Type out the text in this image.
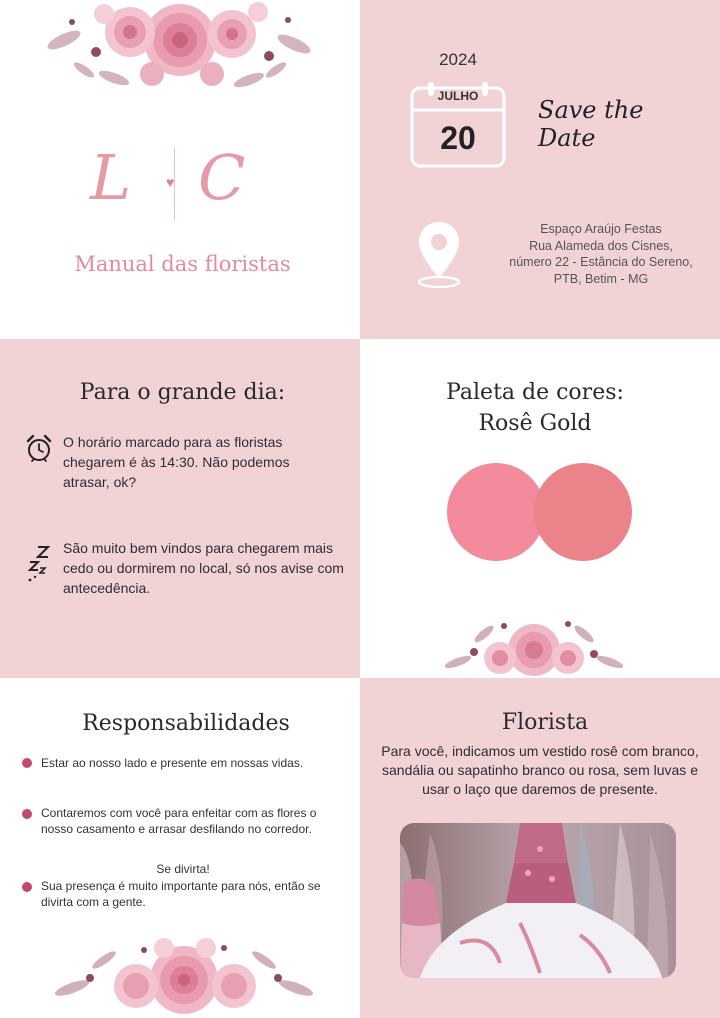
L ♥ C
Manual das floristas
2024
JULHO
20
Save the Date
Espaço Araújo Festas
Rua Alameda dos Cisnes,
número 22 - Estância do Sereno,
PTB, Betim - MG
Para o grande dia:
O horário marcado para as floristas chegarem é às 14:30. Não podemos atrasar, ok?
São muito bem vindos para chegarem mais cedo ou dormirem no local, só nos avise com antecedência.
Paleta de cores:
Rosê Gold
Responsabilidades
Estar ao nosso lado e presente em nossas vidas.
Contaremos com você para enfeitar com as flores o nosso casamento e arrasar desfilando no corredor.
Se divirta!
Sua presença é muito importante para nós, então se divirta com a gente.
Florista
Para você, indicamos um vestido rosê com branco, sandália ou sapatinho branco ou rosa, sem luvas e usar o laço que daremos de presente.
